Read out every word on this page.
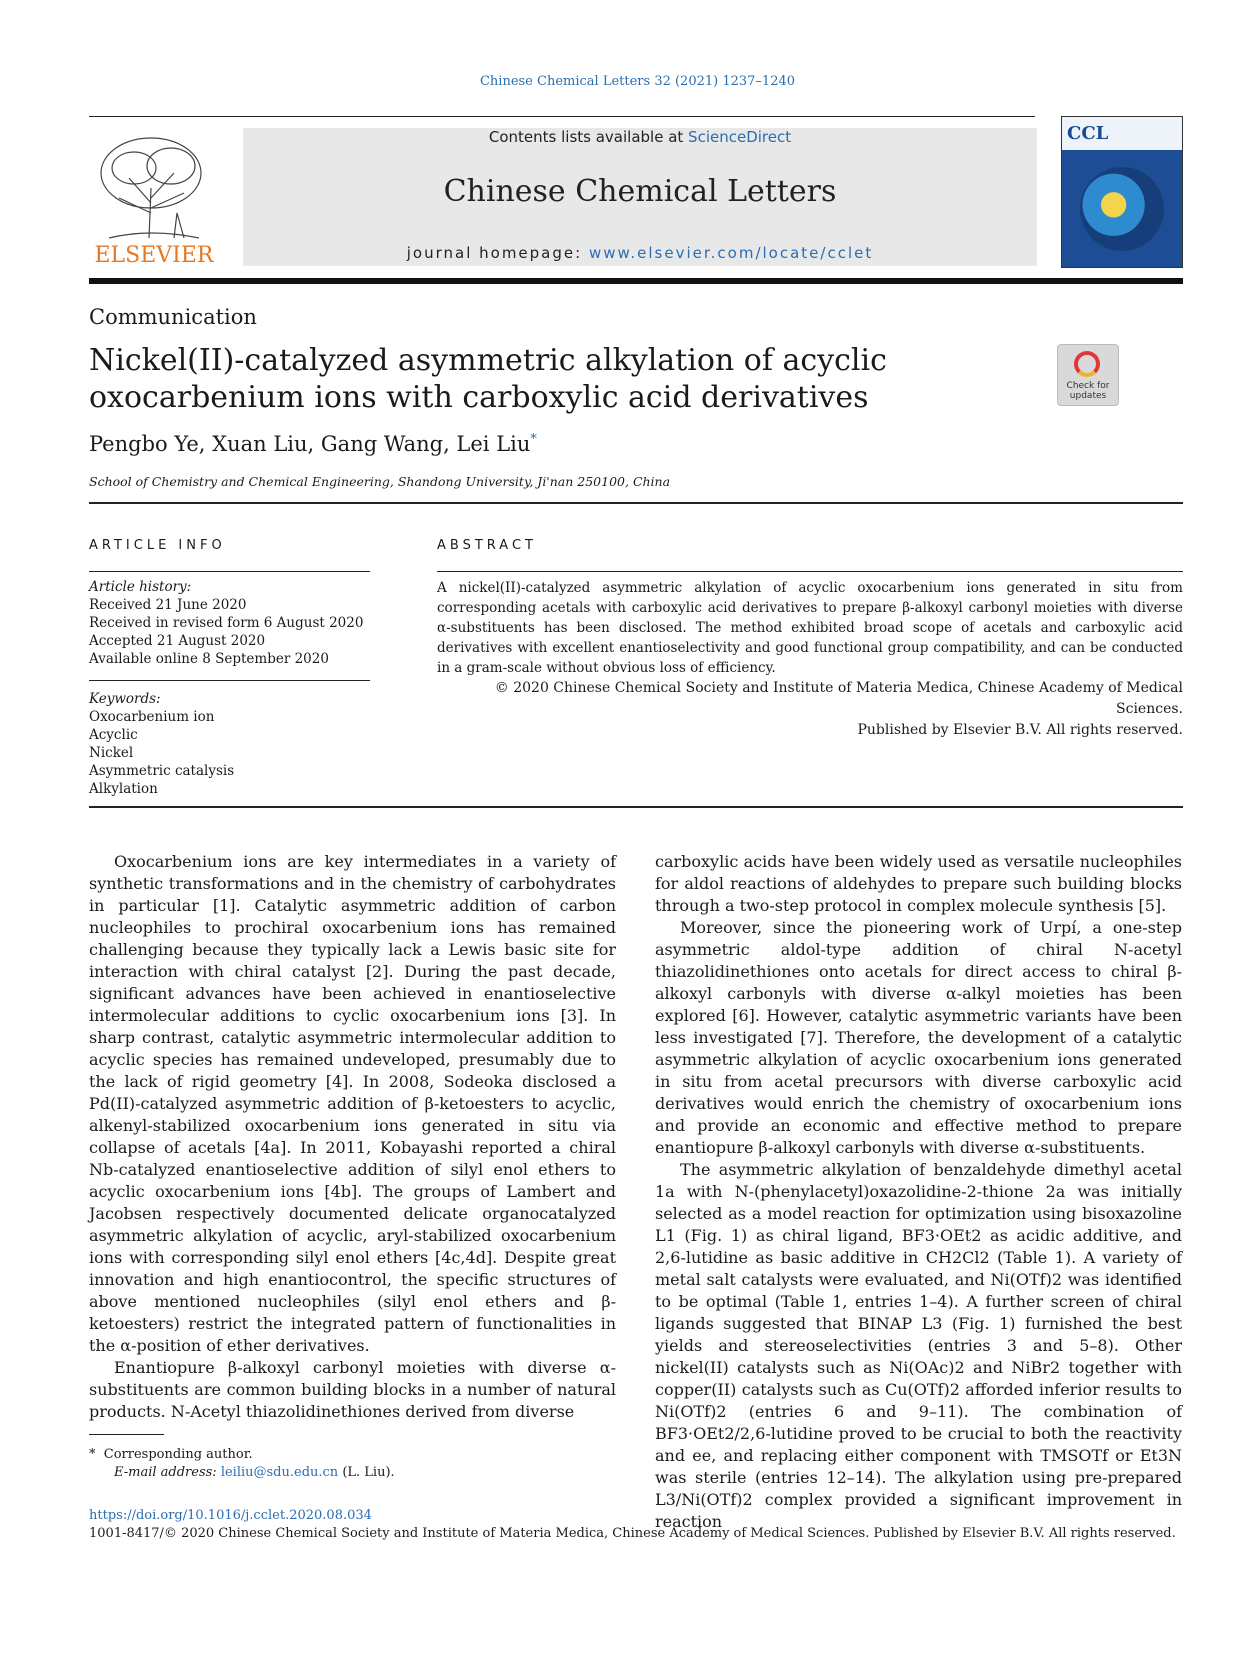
Chinese Chemical Letters 32 (2021) 1237–1240
ELSEVIER
Contents lists available at ScienceDirect
Chinese Chemical Letters
journal homepage: www.elsevier.com/locate/cclet
CCL
Communication
Nickel(II)-catalyzed asymmetric alkylation of acyclic oxocarbenium ions with carboxylic acid derivatives	Check for updates
Pengbo Ye, Xuan Liu, Gang Wang, Lei Liu*
School of Chemistry and Chemical Engineering, Shandong University, Ji'nan 250100, China
ARTICLE INFO
Article history:
Received 21 June 2020
Received in revised form 6 August 2020
Accepted 21 August 2020
Available online 8 September 2020
Keywords:
Oxocarbenium ion
Acyclic
Nickel
Asymmetric catalysis
Alkylation
ABSTRACT
A nickel(II)-catalyzed asymmetric alkylation of acyclic oxocarbenium ions generated in situ from corresponding acetals with carboxylic acid derivatives to prepare β-alkoxyl carbonyl moieties with diverse α-substituents has been disclosed. The method exhibited broad scope of acetals and carboxylic acid derivatives with excellent enantioselectivity and good functional group compatibility, and can be conducted in a gram-scale without obvious loss of efficiency.
© 2020 Chinese Chemical Society and Institute of Materia Medica, Chinese Academy of Medical Sciences.
Published by Elsevier B.V. All rights reserved.

Oxocarbenium ions are key intermediates in a variety of synthetic transformations and in the chemistry of carbohydrates in particular [1]. Catalytic asymmetric addition of carbon nucleophiles to prochiral oxocarbenium ions has remained challenging because they typically lack a Lewis basic site for interaction with chiral catalyst [2]. During the past decade, significant advances have been achieved in enantioselective intermolecular additions to cyclic oxocarbenium ions [3]. In sharp contrast, catalytic asymmetric intermolecular addition to acyclic species has remained undeveloped, presumably due to the lack of rigid geometry [4]. In 2008, Sodeoka disclosed a Pd(II)-catalyzed asymmetric addition of β-ketoesters to acyclic, alkenyl-stabilized oxocarbenium ions generated in situ via collapse of acetals [4a]. In 2011, Kobayashi reported a chiral Nb-catalyzed enantioselective addition of silyl enol ethers to acyclic oxocarbenium ions [4b]. The groups of Lambert and Jacobsen respectively documented delicate organocatalyzed asymmetric alkylation of acyclic, aryl-stabilized oxocarbenium ions with corresponding silyl enol ethers [4c,4d]. Despite great innovation and high enantiocontrol, the specific structures of above mentioned nucleophiles (silyl enol ethers and β-ketoesters) restrict the integrated pattern of functionalities in the α-position of ether derivatives.

Enantiopure β-alkoxyl carbonyl moieties with diverse α-substituents are common building blocks in a number of natural products. N-Acetyl thiazolidinethiones derived from diverse

carboxylic acids have been widely used as versatile nucleophiles for aldol reactions of aldehydes to prepare such building blocks through a two-step protocol in complex molecule synthesis [5].

Moreover, since the pioneering work of Urpí, a one-step asymmetric aldol-type addition of chiral N-acetyl thiazolidinethiones onto acetals for direct access to chiral β-alkoxyl carbonyls with diverse α-alkyl moieties has been explored [6]. However, catalytic asymmetric variants have been less investigated [7]. Therefore, the development of a catalytic asymmetric alkylation of acyclic oxocarbenium ions generated in situ from acetal precursors with diverse carboxylic acid derivatives would enrich the chemistry of oxocarbenium ions and provide an economic and effective method to prepare enantiopure β-alkoxyl carbonyls with diverse α-substituents.

The asymmetric alkylation of benzaldehyde dimethyl acetal 1a with N-(phenylacetyl)oxazolidine-2-thione 2a was initially selected as a model reaction for optimization using bisoxazoline L1 (Fig. 1) as chiral ligand, BF3·OEt2 as acidic additive, and 2,6-lutidine as basic additive in CH2Cl2 (Table 1). A variety of metal salt catalysts were evaluated, and Ni(OTf)2 was identified to be optimal (Table 1, entries 1–4). A further screen of chiral ligands suggested that BINAP L3 (Fig. 1) furnished the best yields and stereoselectivities (entries 3 and 5–8). Other nickel(II) catalysts such as Ni(OAc)2 and NiBr2 together with copper(II) catalysts such as Cu(OTf)2 afforded inferior results to Ni(OTf)2 (entries 6 and 9–11). The combination of BF3·OEt2/2,6-lutidine proved to be crucial to both the reactivity and ee, and replacing either component with TMSOTf or Et3N was sterile (entries 12–14). The alkylation using pre-prepared L3/Ni(OTf)2 complex provided a significant improvement in reaction

* Corresponding author.
E-mail address: leiliu@sdu.edu.cn (L. Liu).
https://doi.org/10.1016/j.cclet.2020.08.034
1001-8417/© 2020 Chinese Chemical Society and Institute of Materia Medica, Chinese Academy of Medical Sciences. Published by Elsevier B.V. All rights reserved.
